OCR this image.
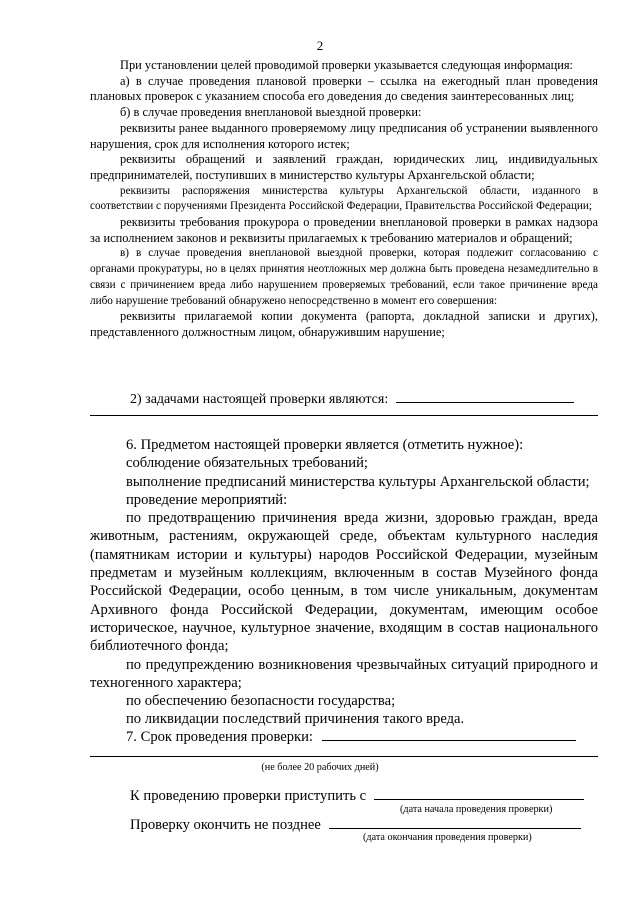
2

При установлении целей проводимой проверки указывается следующая информация:

а) в случае проведения плановой проверки – ссылка на ежегодный план проведения плановых проверок с указанием способа его доведения до сведения заинтересованных лиц;

б) в случае проведения внеплановой выездной проверки:

реквизиты ранее выданного проверяемому лицу предписания об устранении выявленного нарушения, срок для исполнения которого истек;

реквизиты обращений и заявлений граждан, юридических лиц, индивидуальных предпринимателей, поступивших в министерство культуры Архангельской области;

реквизиты распоряжения министерства культуры Архангельской области, изданного в соответствии с поручениями Президента Российской Федерации, Правительства Российской Федерации;

реквизиты требования прокурора о проведении внеплановой проверки в рамках надзора за исполнением законов и реквизиты прилагаемых к требованию материалов и обращений;

в) в случае проведения внеплановой выездной проверки, которая подлежит согласованию с органами прокуратуры, но в целях принятия неотложных мер должна быть проведена незамедлительно в связи с причинением вреда либо нарушением проверяемых требований, если такое причинение вреда либо нарушение требований обнаружено непосредственно в момент его совершения:

реквизиты прилагаемой копии документа (рапорта, докладной записки и других), представленного должностным лицом, обнаружившим нарушение;

2) задачами настоящей проверки являются:

6. Предметом настоящей проверки является (отметить нужное):

соблюдение обязательных требований;

выполнение предписаний министерства культуры Архангельской области;

проведение мероприятий:

по предотвращению причинения вреда жизни, здоровью граждан, вреда животным, растениям, окружающей среде, объектам культурного наследия (памятникам истории и культуры) народов Российской Федерации, музейным предметам и музейным коллекциям, включенным в состав Музейного фонда Российской Федерации, особо ценным, в том числе уникальным, документам Архивного фонда Российской Федерации, документам, имеющим особое историческое, научное, культурное значение, входящим в состав национального библиотечного фонда;

по предупреждению возникновения чрезвычайных ситуаций природного и техногенного характера;

по обеспечению безопасности государства;

по ликвидации последствий причинения такого вреда.

7. Срок проведения проверки:
(не более 20 рабочих дней)
К проведению проверки приступить с
(дата начала проведения проверки)
Проверку окончить не позднее
(дата окончания проведения проверки)
